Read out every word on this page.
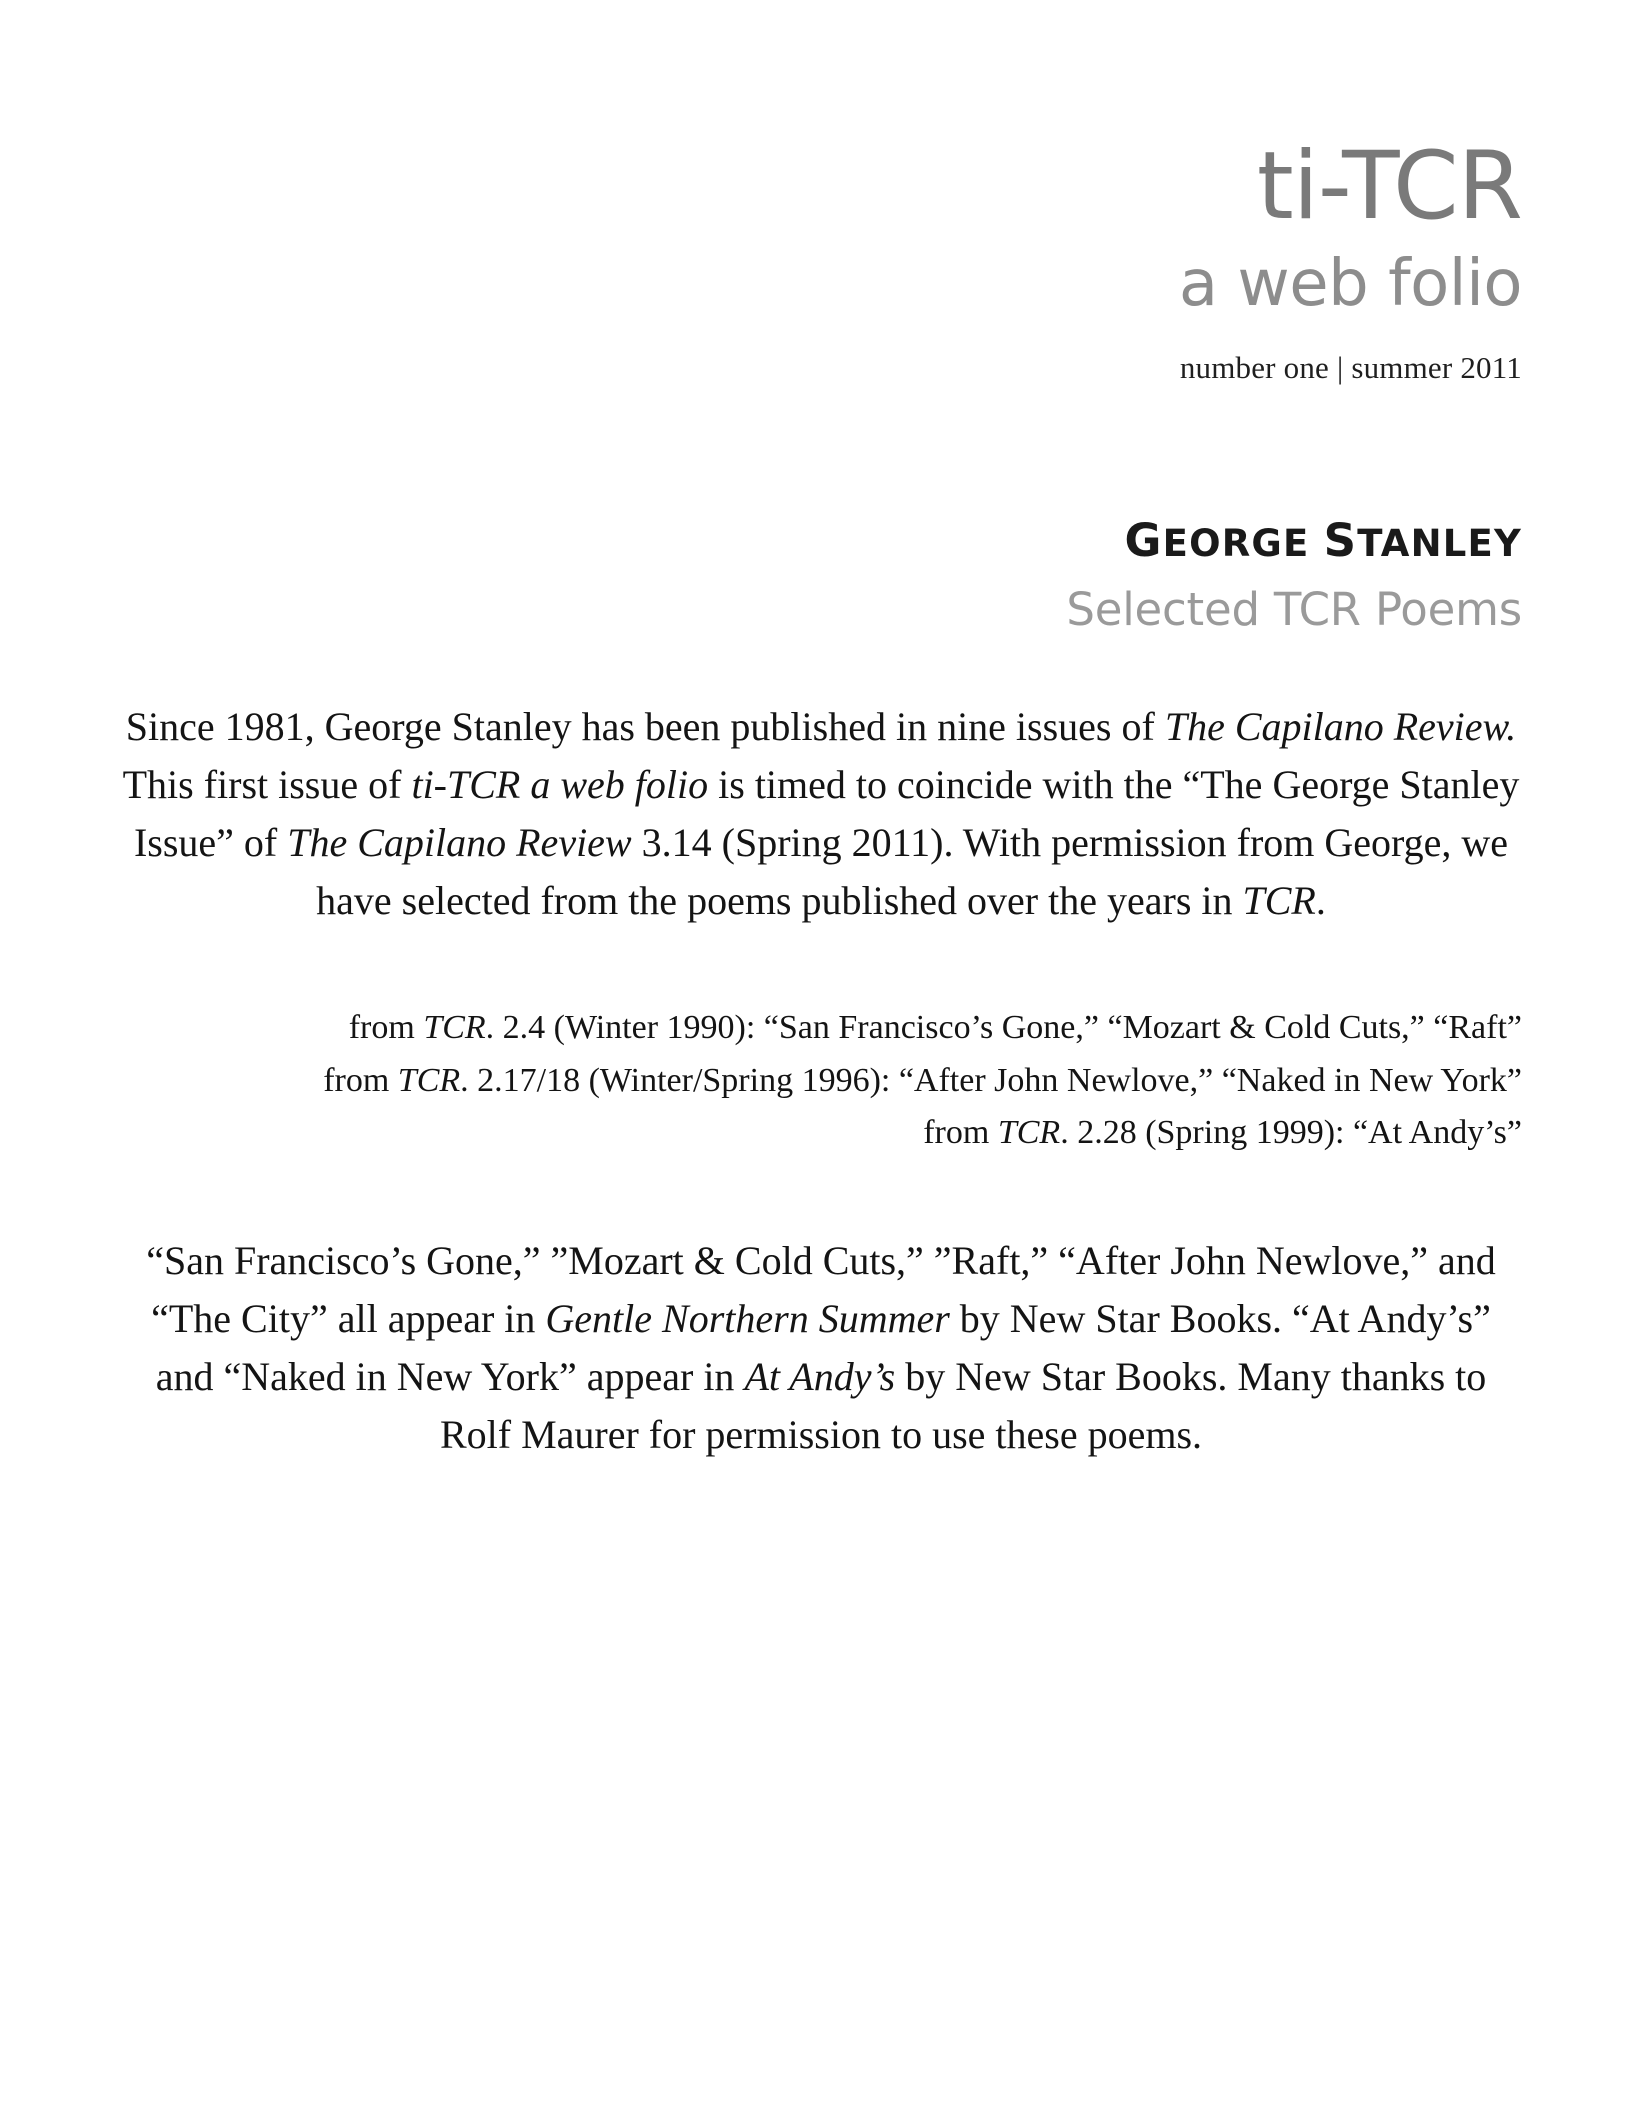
ti-TCR
a web folio
number one | summer 2011
GEORGE STANLEY
Selected TCR Poems
Since 1981, George Stanley has been published in nine issues of The Capilano Review. This first issue of ti-TCR a web folio is timed to coincide with the “The George Stanley Issue” of The Capilano Review 3.14 (Spring 2011). With permission from George, we have selected from the poems published over the years in TCR.
from TCR. 2.4 (Winter 1990): “San Francisco’s Gone,” “Mozart & Cold Cuts,” “Raft”
from TCR. 2.17/18 (Winter/Spring 1996): “After John Newlove,” “Naked in New York”
from TCR. 2.28 (Spring 1999): “At Andy’s”
“San Francisco’s Gone,” ”Mozart & Cold Cuts,” ”Raft,” “After John Newlove,” and “The City” all appear in Gentle Northern Summer by New Star Books. “At Andy’s” and “Naked in New York” appear in At Andy’s by New Star Books. Many thanks to Rolf Maurer for permission to use these poems.
